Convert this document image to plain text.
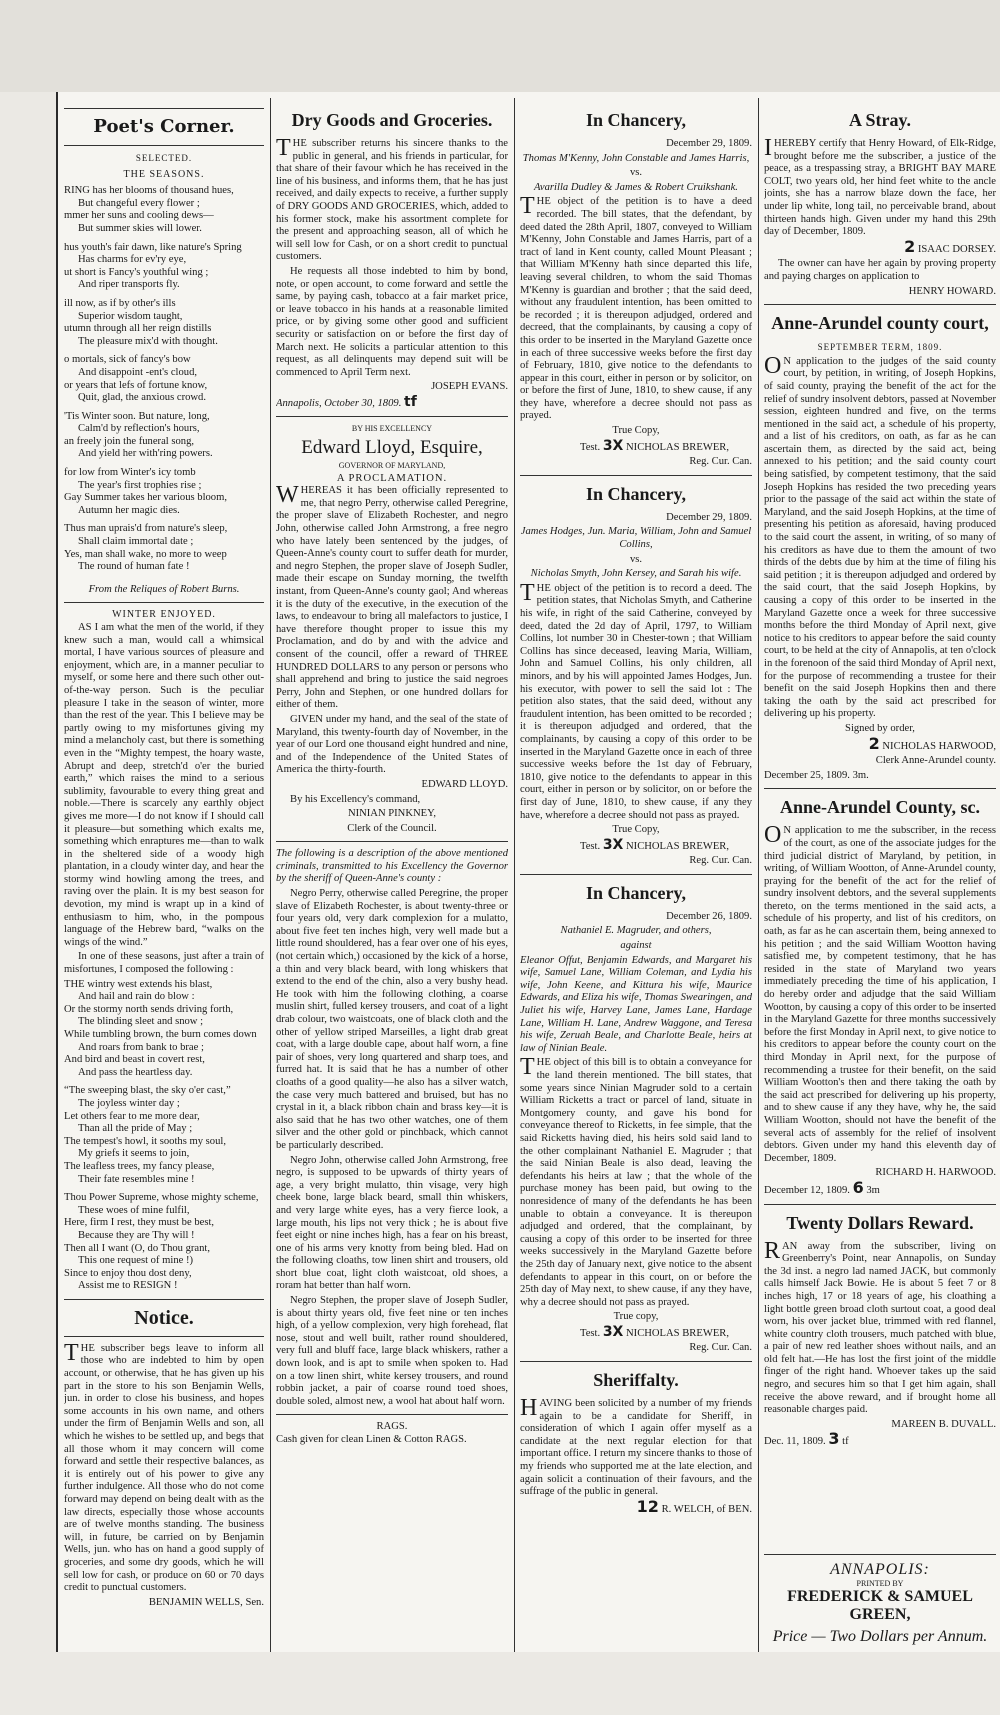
Poet's Corner.
SELECTED.
THE SEASONS.

RING has her blooms of thousand hues,

But changeful every flower ;

mmer her suns and cooling dews—

But summer skies will lower.

hus youth's fair dawn, like nature's Spring

Has charms for ev'ry eye,

ut short is Fancy's youthful wing ;

And riper transports fly.

ill now, as if by other's ills

Superior wisdom taught,

utumn through all her reign distills

The pleasure mix'd with thought.

o mortals, sick of fancy's bow

And disappoint -ent's cloud,

or years that lefs of fortune know,

Quit, glad, the anxious crowd.

'Tis Winter soon. But nature, long,

Calm'd by reflection's hours,

an freely join the funeral song,

And yield her with'ring powers.

for low from Winter's icy tomb

The year's first trophies rise ;

Gay Summer takes her various bloom,

Autumn her magic dies.

Thus man uprais'd from nature's sleep,

Shall claim immortal date ;

Yes, man shall wake, no more to weep

The round of human fate !

From the Reliques of Robert Burns.
WINTER ENJOYED.

AS I am what the men of the world, if they knew such a man, would call a whimsical mortal, I have various sources of pleasure and enjoyment, which are, in a manner peculiar to myself, or some here and there such other out-of-the-way person. Such is the peculiar pleasure I take in the season of winter, more than the rest of the year. This I believe may be partly owing to my misfortunes giving my mind a melancholy cast, but there is something even in the “Mighty tempest, the hoary waste, Abrupt and deep, stretch'd o'er the buried earth,” which raises the mind to a serious sublimity, favourable to every thing great and noble.—There is scarcely any earthly object gives me more—I do not know if I should call it pleasure—but something which exalts me, something which enraptures me—than to walk in the sheltered side of a woody high plantation, in a cloudy winter day, and hear the stormy wind howling among the trees, and raving over the plain. It is my best season for devotion, my mind is wrapt up in a kind of enthusiasm to him, who, in the pompous language of the Hebrew bard, “walks on the wings of the wind.”

In one of these seasons, just after a train of misfortunes, I composed the following :

THE wintry west extends his blast,

And hail and rain do blow :

Or the stormy north sends driving forth,

The blinding sleet and snow ;

While tumbling brown, the burn comes down

And roars from bank to brae ;

And bird and beast in covert rest,

And pass the heartless day.

“The sweeping blast, the sky o'er cast,”

The joyless winter day ;

Let others fear to me more dear,

Than all the pride of May ;

The tempest's howl, it sooths my soul,

My griefs it seems to join,

The leafless trees, my fancy please,

Their fate resembles mine !

Thou Power Supreme, whose mighty scheme,

These woes of mine fulfil,

Here, firm I rest, they must be best,

Because they are Thy will !

Then all I want (O, do Thou grant,

This one request of mine !)

Since to enjoy thou dost deny,

Assist me to RESIGN !

Notice.

THE subscriber begs leave to inform all those who are indebted to him by open account, or otherwise, that he has given up his part in the store to his son Benjamin Wells, jun. in order to close his business, and hopes some accounts in his own name, and others under the firm of Benjamin Wells and son, all which he wishes to be settled up, and begs that all those whom it may concern will come forward and settle their respective balances, as it is entirely out of his power to give any further indulgence. All those who do not come forward may depend on being dealt with as the law directs, especially those whose accounts are of twelve months standing. The business will, in future, be carried on by Benjamin Wells, jun. who has on hand a good supply of groceries, and some dry goods, which he will sell low for cash, or produce on 60 or 70 days credit to punctual customers.

BENJAMIN WELLS, Sen.

Dry Goods and Groceries.

THE subscriber returns his sincere thanks to the public in general, and his friends in particular, for that share of their favour which he has received in the line of his business, and informs them, that he has just received, and daily expects to receive, a further supply of DRY GOODS AND GROCERIES, which, added to his former stock, make his assortment complete for the present and approaching season, all of which he will sell low for Cash, or on a short credit to punctual customers.

He requests all those indebted to him by bond, note, or open account, to come forward and settle the same, by paying cash, tobacco at a fair market price, or leave tobacco in his hands at a reasonable limited price, or by giving some other good and sufficient security or satisfaction on or before the first day of March next. He solicits a particular attention to this request, as all delinquents may depend suit will be commenced to April Term next.

JOSEPH EVANS.

Annapolis, October 30, 1809. tf

BY HIS EXCELLENCY
Edward Lloyd, Esquire,
GOVERNOR OF MARYLAND,
A PROCLAMATION.

WHEREAS it has been officially represented to me, that negro Perry, otherwise called Peregrine, the proper slave of Elizabeth Rochester, and negro John, otherwise called John Armstrong, a free negro who have lately been sentenced by the judges, of Queen-Anne's county court to suffer death for murder, and negro Stephen, the proper slave of Joseph Sudler, made their escape on Sunday morning, the twelfth instant, from Queen-Anne's county gaol; And whereas it is the duty of the executive, in the execution of the laws, to endeavour to bring all malefactors to justice, I have therefore thought proper to issue this my Proclamation, and do by and with the advice and consent of the council, offer a reward of THREE HUNDRED DOLLARS to any person or persons who shall apprehend and bring to justice the said negroes Perry, John and Stephen, or one hundred dollars for either of them.

GIVEN under my hand, and the seal of the state of Maryland, this twenty-fourth day of November, in the year of our Lord one thousand eight hundred and nine, and of the Independence of the United States of America the thirty-fourth.

EDWARD LLOYD.

By his Excellency's command,

NINIAN PINKNEY,

Clerk of the Council.

The following is a description of the above mentioned criminals, transmitted to his Excellency the Governor by the sheriff of Queen-Anne's county :

Negro Perry, otherwise called Peregrine, the proper slave of Elizabeth Rochester, is about twenty-three or four years old, very dark complexion for a mulatto, about five feet ten inches high, very well made but a little round shouldered, has a fear over one of his eyes, (not certain which,) occasioned by the kick of a horse, a thin and very black beard, with long whiskers that extend to the end of the chin, also a very bushy head. He took with him the following clothing, a coarse muslin shirt, fulled kersey trousers, and coat of a light drab colour, two waistcoats, one of black cloth and the other of yellow striped Marseilles, a light drab great coat, with a large double cape, about half worn, a fine pair of shoes, very long quartered and sharp toes, and furred hat. It is said that he has a number of other cloaths of a good quality—he also has a silver watch, the case very much battered and bruised, but has no crystal in it, a black ribbon chain and brass key—it is also said that he has two other watches, one of them silver and the other gold or pinchback, which cannot be particularly described.

Negro John, otherwise called John Armstrong, free negro, is supposed to be upwards of thirty years of age, a very bright mulatto, thin visage, very high cheek bone, large black beard, small thin whiskers, and very large white eyes, has a very fierce look, a large mouth, his lips not very thick ; he is about five feet eight or nine inches high, has a fear on his breast, one of his arms very knotty from being bled. Had on the following cloaths, tow linen shirt and trousers, old short blue coat, light cloth waistcoat, old shoes, a roram hat better than half worn.

Negro Stephen, the proper slave of Joseph Sudler, is about thirty years old, five feet nine or ten inches high, of a yellow complexion, very high forehead, flat nose, stout and well built, rather round shouldered, very full and bluff face, large black whiskers, rather a down look, and is apt to smile when spoken to. Had on a tow linen shirt, white kersey trousers, and round robbin jacket, a pair of coarse round toed shoes, double soled, almost new, a wool hat about half worn.

RAGS.

Cash given for clean Linen & Cotton RAGS.

In Chancery,

December 29, 1809.

Thomas M'Kenny, John Constable and James Harris,

vs.

Avarilla Dudley & James & Robert Cruikshank.

THE object of the petition is to have a deed recorded. The bill states, that the defendant, by deed dated the 28th April, 1807, conveyed to William M'Kenny, John Constable and James Harris, part of a tract of land in Kent county, called Mount Pleasant ; that William M'Kenny hath since departed this life, leaving several children, to whom the said Thomas M'Kenny is guardian and brother ; that the said deed, without any fraudulent intention, has been omitted to be recorded ; it is thereupon adjudged, ordered and decreed, that the complainants, by causing a copy of this order to be inserted in the Maryland Gazette once in each of three successive weeks before the first day of February, 1810, give notice to the defendants to appear in this court, either in person or by solicitor, on or before the first of June, 1810, to shew cause, if any they have, wherefore a decree should not pass as prayed.

True Copy,

Test. 3X NICHOLAS BREWER,

Reg. Cur. Can.

In Chancery,

December 29, 1809.

James Hodges, Jun. Maria, William, John and Samuel Collins,

vs.

Nicholas Smyth, John Kersey, and Sarah his wife.

THE object of the petition is to record a deed. The petition states, that Nicholas Smyth, and Catherine his wife, in right of the said Catherine, conveyed by deed, dated the 2d day of April, 1797, to William Collins, lot number 30 in Chester-town ; that William Collins has since deceased, leaving Maria, William, John and Samuel Collins, his only children, all minors, and by his will appointed James Hodges, Jun. his executor, with power to sell the said lot : The petition also states, that the said deed, without any fraudulent intention, has been omitted to be recorded ; it is thereupon adjudged and ordered, that the complainants, by causing a copy of this order to be inserted in the Maryland Gazette once in each of three successive weeks before the 1st day of February, 1810, give notice to the defendants to appear in this court, either in person or by solicitor, on or before the first day of June, 1810, to shew cause, if any they have, wherefore a decree should not pass as prayed.

True Copy,

Test. 3X NICHOLAS BREWER,

Reg. Cur. Can.

In Chancery,

December 26, 1809.

Nathaniel E. Magruder, and others,

against

Eleanor Offut, Benjamin Edwards, and Margaret his wife, Samuel Lane, William Coleman, and Lydia his wife, John Keene, and Kittura his wife, Maurice Edwards, and Eliza his wife, Thomas Swearingen, and Juliet his wife, Harvey Lane, James Lane, Hardage Lane, William H. Lane, Andrew Waggone, and Teresa his wife, Zeruah Beale, and Charlotte Beale, heirs at law of Ninian Beale.

THE object of this bill is to obtain a conveyance for the land therein mentioned. The bill states, that some years since Ninian Magruder sold to a certain William Ricketts a tract or parcel of land, situate in Montgomery county, and gave his bond for conveyance thereof to Ricketts, in fee simple, that the said Ricketts having died, his heirs sold said land to the other complainant Nathaniel E. Magruder ; that the said Ninian Beale is also dead, leaving the defendants his heirs at law ; that the whole of the purchase money has been paid, but owing to the nonresidence of many of the defendants he has been unable to obtain a conveyance. It is thereupon adjudged and ordered, that the complainant, by causing a copy of this order to be inserted for three weeks successively in the Maryland Gazette before the 25th day of January next, give notice to the absent defendants to appear in this court, on or before the 25th day of May next, to shew cause, if any they have, why a decree should not pass as prayed.

True copy,

Test. 3X NICHOLAS BREWER,

Reg. Cur. Can.

Sheriffalty.

HAVING been solicited by a number of my friends again to be a candidate for Sheriff, in consideration of which I again offer myself as a candidate at the next regular election for that important office. I return my sincere thanks to those of my friends who supported me at the late election, and again solicit a continuation of their favours, and the suffrage of the public in general.

12 R. WELCH, of BEN.

A Stray.

IHEREBY certify that Henry Howard, of Elk-Ridge, brought before me the subscriber, a justice of the peace, as a trespassing stray, a BRIGHT BAY MARE COLT, two years old, her hind feet white to the ancle joints, she has a narrow blaze down the face, her under lip white, long tail, no perceivable brand, about thirteen hands high. Given under my hand this 29th day of December, 1809.

2 ISAAC DORSEY.

The owner can have her again by proving property and paying charges on application to

HENRY HOWARD.

Anne-Arundel county court,

SEPTEMBER TERM, 1809.

ON application to the judges of the said county court, by petition, in writing, of Joseph Hopkins, of said county, praying the benefit of the act for the relief of sundry insolvent debtors, passed at November session, eighteen hundred and five, on the terms mentioned in the said act, a schedule of his property, and a list of his creditors, on oath, as far as he can ascertain them, as directed by the said act, being annexed to his petition; and the said county court being satisfied, by competent testimony, that the said Joseph Hopkins has resided the two preceding years prior to the passage of the said act within the state of Maryland, and the said Joseph Hopkins, at the time of presenting his petition as aforesaid, having produced to the said court the assent, in writing, of so many of his creditors as have due to them the amount of two thirds of the debts due by him at the time of filing his said petition ; it is thereupon adjudged and ordered by the said court, that the said Joseph Hopkins, by causing a copy of this order to be inserted in the Maryland Gazette once a week for three successive months before the third Monday of April next, give notice to his creditors to appear before the said county court, to be held at the city of Annapolis, at ten o'clock in the forenoon of the said third Monday of April next, for the purpose of recommending a trustee for their benefit on the said Joseph Hopkins then and there taking the oath by the said act prescribed for delivering up his property.

Signed by order,

2 NICHOLAS HARWOOD,

Clerk Anne-Arundel county.

December 25, 1809. 3m.

Anne-Arundel County, sc.

ON application to me the subscriber, in the recess of the court, as one of the associate judges for the third judicial district of Maryland, by petition, in writing, of William Wootton, of Anne-Arundel county, praying for the benefit of the act for the relief of sundry insolvent debtors, and the several supplements thereto, on the terms mentioned in the said acts, a schedule of his property, and list of his creditors, on oath, as far as he can ascertain them, being annexed to his petition ; and the said William Wootton having satisfied me, by competent testimony, that he has resided in the state of Maryland two years immediately preceding the time of his application, I do hereby order and adjudge that the said William Wootton, by causing a copy of this order to be inserted in the Maryland Gazette for three months successively before the first Monday in April next, to give notice to his creditors to appear before the county court on the third Monday in April next, for the purpose of recommending a trustee for their benefit, on the said William Wootton's then and there taking the oath by the said act prescribed for delivering up his property, and to shew cause if any they have, why he, the said William Wootton, should not have the benefit of the several acts of assembly for the relief of insolvent debtors. Given under my hand this eleventh day of December, 1809.

RICHARD H. HARWOOD.

December 12, 1809. 6 3m

Twenty Dollars Reward.

RAN away from the subscriber, living on Greenberry's Point, near Annapolis, on Sunday the 3d inst. a negro lad named JACK, but commonly calls himself Jack Bowie. He is about 5 feet 7 or 8 inches high, 17 or 18 years of age, his cloathing a light bottle green broad cloth surtout coat, a good deal worn, his over jacket blue, trimmed with red flannel, white country cloth trousers, much patched with blue, a pair of new red leather shoes without nails, and an old felt hat.—He has lost the first joint of the middle finger of the right hand. Whoever takes up the said negro, and secures him so that I get him again, shall receive the above reward, and if brought home all reasonable charges paid.

MAREEN B. DUVALL.

Dec. 11, 1809. 3 tf

ANNAPOLIS:
PRINTED BY
FREDERICK & SAMUEL GREEN,
Price — Two Dollars per Annum.
